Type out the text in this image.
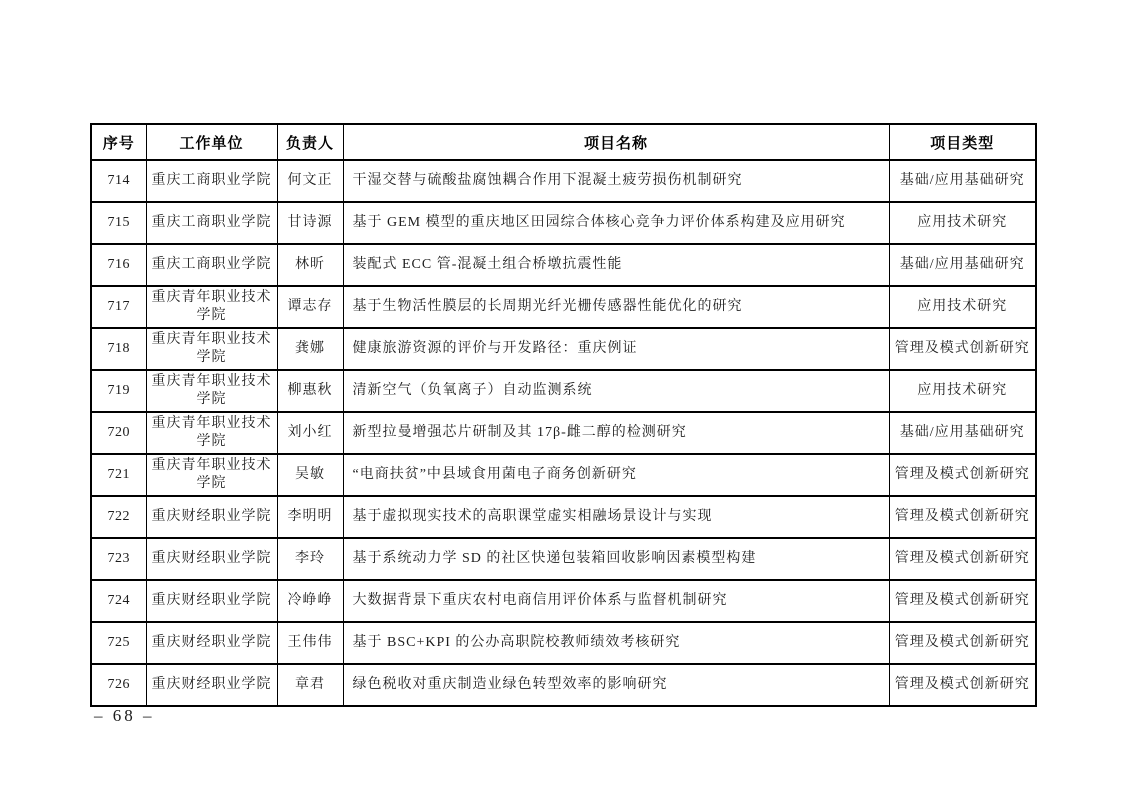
序号	工作单位	负责人	项目名称	项目类型
714	重庆工商职业学院	何文正	干湿交替与硫酸盐腐蚀耦合作用下混凝土疲劳损伤机制研究	基础/应用基础研究
715	重庆工商职业学院	甘诗源	基于 GEM 模型的重庆地区田园综合体核心竞争力评价体系构建及应用研究	应用技术研究
716	重庆工商职业学院	林昕	装配式 ECC 管-混凝土组合桥墩抗震性能	基础/应用基础研究
717	重庆青年职业技术学院	谭志存	基于生物活性膜层的长周期光纤光栅传感器性能优化的研究	应用技术研究
718	重庆青年职业技术学院	龚娜	健康旅游资源的评价与开发路径：重庆例证	管理及模式创新研究
719	重庆青年职业技术学院	柳惠秋	清新空气（负氧离子）自动监测系统	应用技术研究
720	重庆青年职业技术学院	刘小红	新型拉曼增强芯片研制及其 17β-雌二醇的检测研究	基础/应用基础研究
721	重庆青年职业技术学院	吴敏	“电商扶贫”中县域食用菌电子商务创新研究	管理及模式创新研究
722	重庆财经职业学院	李明明	基于虚拟现实技术的高职课堂虚实相融场景设计与实现	管理及模式创新研究
723	重庆财经职业学院	李玲	基于系统动力学 SD 的社区快递包装箱回收影响因素模型构建	管理及模式创新研究
724	重庆财经职业学院	冷峥峥	大数据背景下重庆农村电商信用评价体系与监督机制研究	管理及模式创新研究
725	重庆财经职业学院	王伟伟	基于 BSC+KPI 的公办高职院校教师绩效考核研究	管理及模式创新研究
726	重庆财经职业学院	章君	绿色税收对重庆制造业绿色转型效率的影响研究	管理及模式创新研究
– 68 –
